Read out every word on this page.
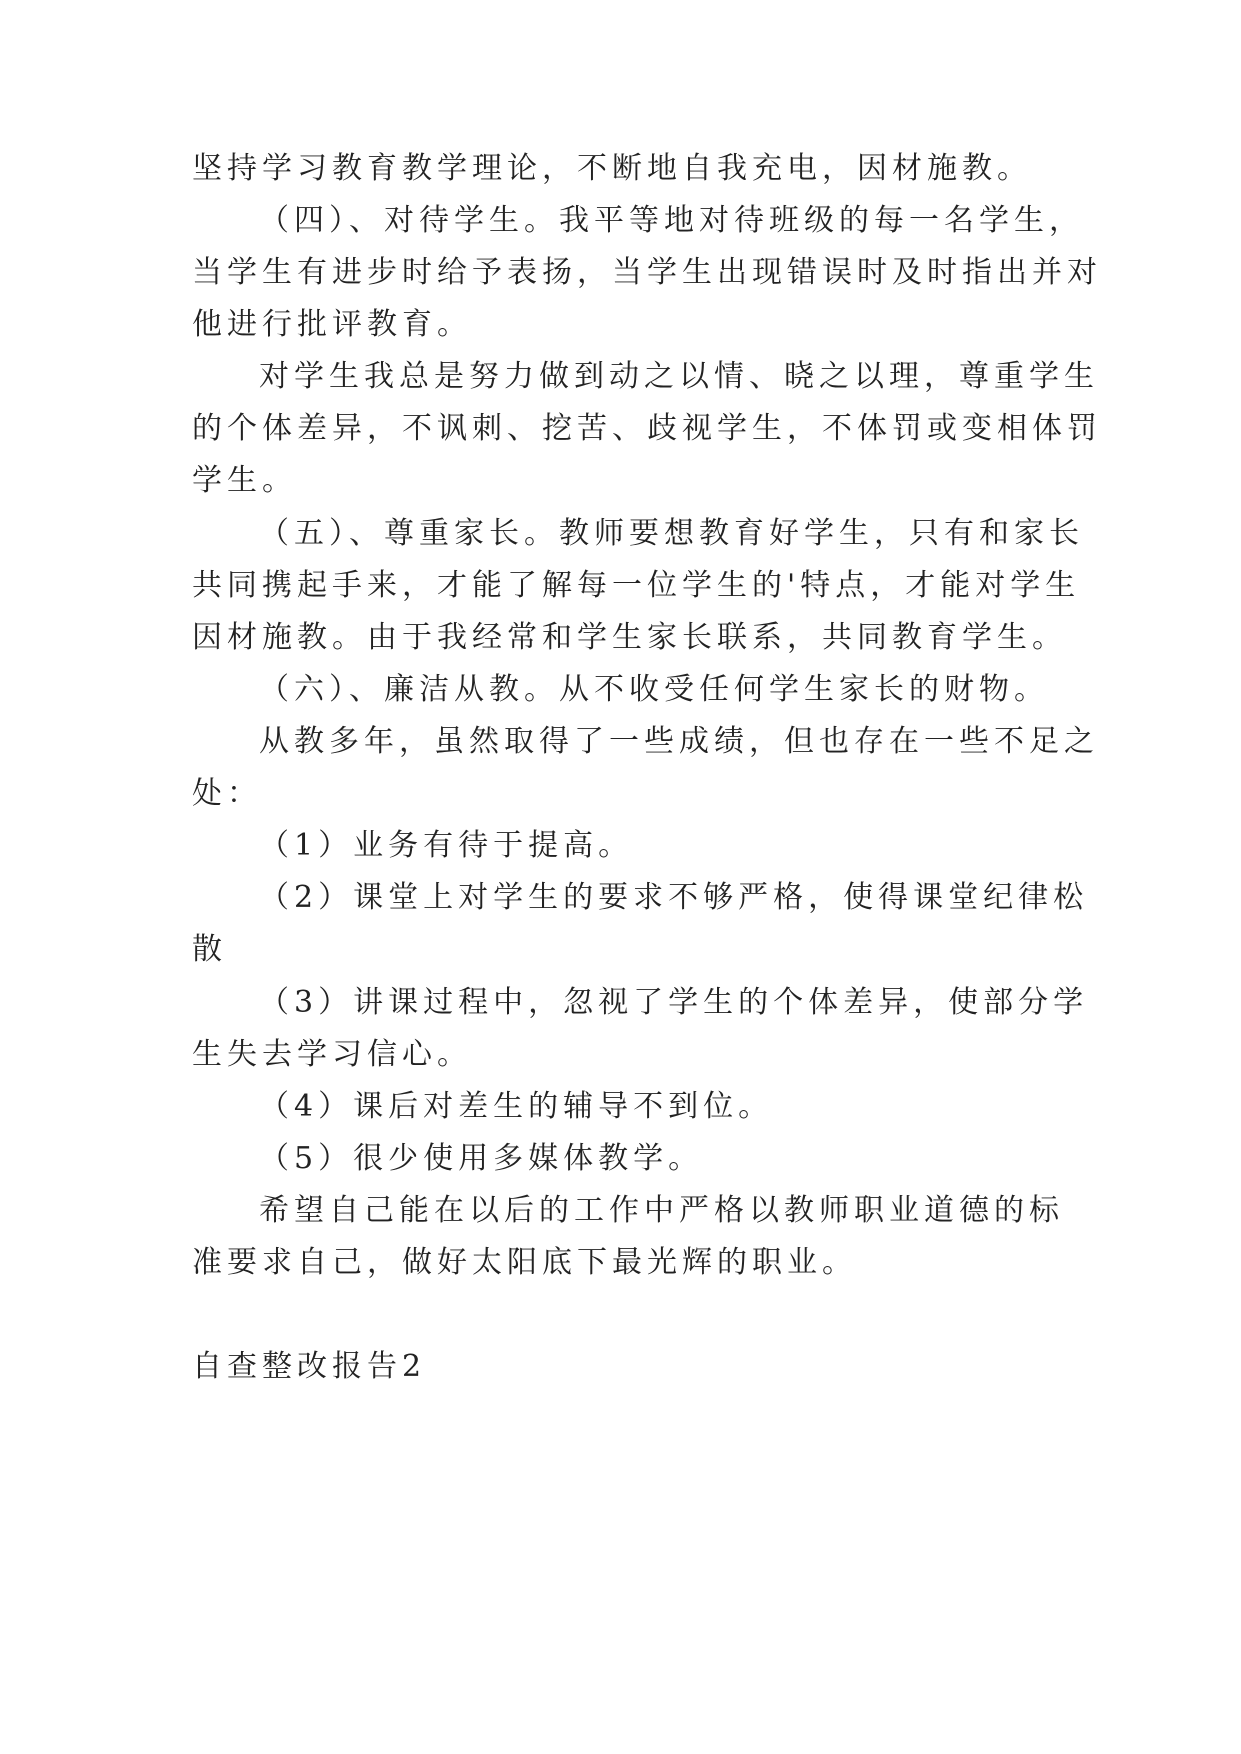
坚持学习教育教学理论，不断地自我充电，因材施教。

（四）、对待学生。我平等地对待班级的每一名学生，

当学生有进步时给予表扬，当学生出现错误时及时指出并对

他进行批评教育。

对学生我总是努力做到动之以情、晓之以理，尊重学生

的个体差异，不讽刺、挖苦、歧视学生，不体罚或变相体罚

学生。

（五）、尊重家长。教师要想教育好学生，只有和家长

共同携起手来，才能了解每一位学生的'特点，才能对学生

因材施教。由于我经常和学生家长联系，共同教育学生。

（六）、廉洁从教。从不收受任何学生家长的财物。

从教多年，虽然取得了一些成绩，但也存在一些不足之

处：

（1）业务有待于提高。

（2）课堂上对学生的要求不够严格，使得课堂纪律松

散

（3）讲课过程中，忽视了学生的个体差异，使部分学

生失去学习信心。

（4）课后对差生的辅导不到位。

（5）很少使用多媒体教学。

希望自己能在以后的工作中严格以教师职业道德的标

准要求自己，做好太阳底下最光辉的职业。

自查整改报告2
